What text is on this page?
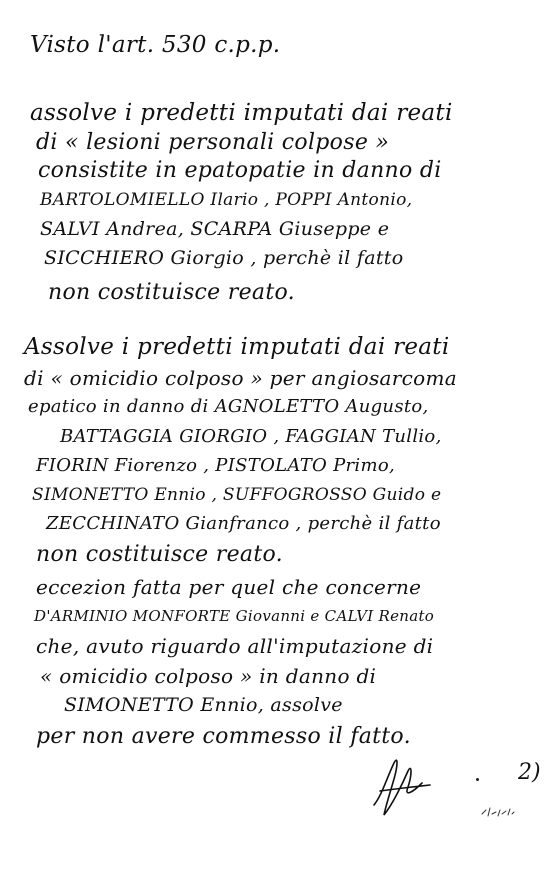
Visto l'art. 530 c.p.p.
assolve i predetti imputati dai reati
di « lesioni personali colpose »
consistite in epatopatie in danno di
BARTOLOMIELLO Ilario , POPPI Antonio,
SALVI Andrea, SCARPA Giuseppe e
SICCHIERO Giorgio , perchè il fatto
non costituisce reato.
Assolve i predetti imputati dai reati
di « omicidio colposo » per angiosarcoma
epatico in danno di AGNOLETTO Augusto,
BATTAGGIA GIORGIO , FAGGIAN Tullio,
FIORIN Fiorenzo , PISTOLATO Primo,
SIMONETTO Ennio , SUFFOGROSSO Guido e
ZECCHINATO Gianfranco , perchè il fatto
non costituisce reato.
eccezion fatta per quel che concerne
D'ARMINIO MONFORTE Giovanni e CALVI Renato
che, avuto riguardo all'imputazione di
« omicidio colposo » in danno di
SIMONETTO Ennio, assolve
per non avere commesso il fatto.
2)
